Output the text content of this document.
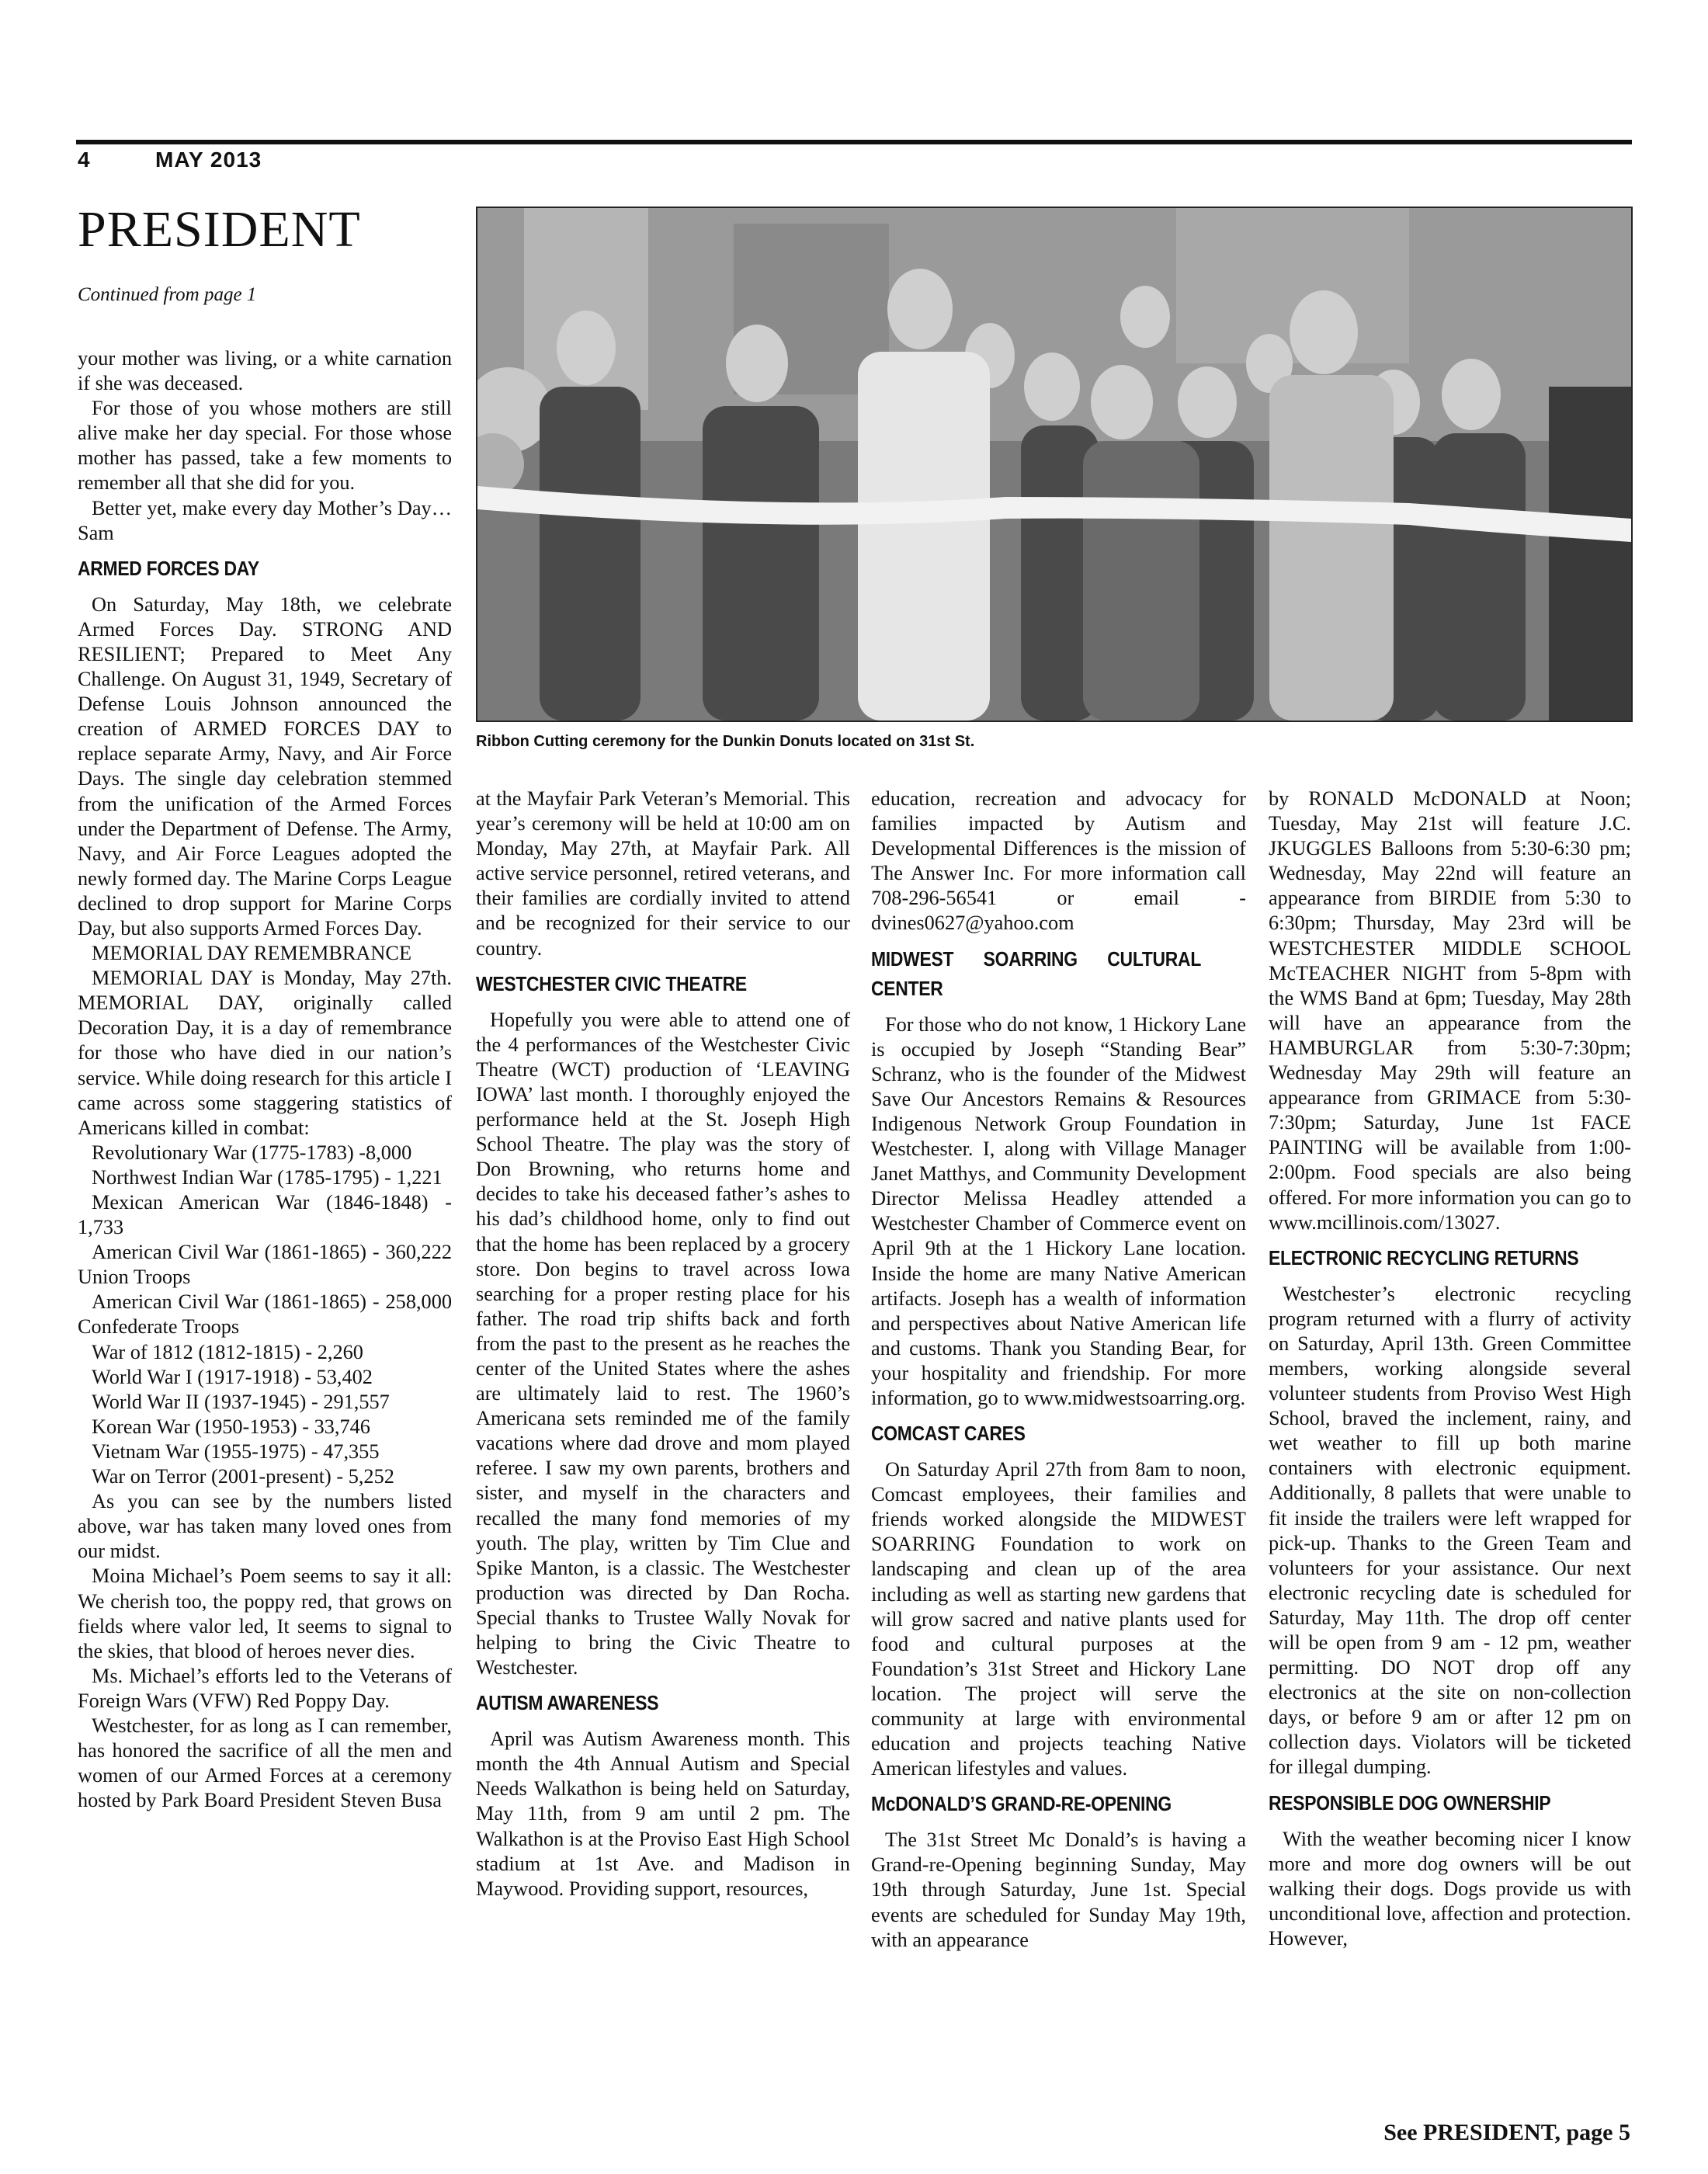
4	MAY 2013
PRESIDENT
Continued from page 1
Ribbon Cutting ceremony for the Dunkin Donuts located on 31st St.

your mother was living, or a white carnation if she was deceased.

For those of you whose mothers are still alive make her day special. For those whose mother has passed, take a few moments to remember all that she did for you.

Better yet, make every day Mother’s Day…Sam

ARMED FORCES DAY

On Saturday, May 18th, we celebrate Armed Forces Day. STRONG AND RESILIENT; Prepared to Meet Any Challenge. On August 31, 1949, Secretary of Defense Louis Johnson announced the creation of ARMED FORCES DAY to replace separate Army, Navy, and Air Force Days. The single day celebration stemmed from the unification of the Armed Forces under the Department of Defense. The Army, Navy, and Air Force Leagues adopted the newly formed day. The Marine Corps League declined to drop support for Marine Corps Day, but also supports Armed Forces Day.

MEMORIAL DAY REMEMBRANCE

MEMORIAL DAY is Monday, May 27th. MEMORIAL DAY, originally called Decoration Day, it is a day of remembrance for those who have died in our nation’s service. While doing research for this article I came across some staggering statistics of Americans killed in combat:

Revolutionary War (1775-1783) -8,000

Northwest Indian War (1785-1795) - 1,221

Mexican American War (1846-1848) - 1,733

American Civil War (1861-1865) - 360,222 Union Troops

American Civil War (1861-1865) - 258,000 Confederate Troops

War of 1812 (1812-1815) - 2,260

World War I (1917-1918) - 53,402

World War II (1937-1945) - 291,557

Korean War (1950-1953) - 33,746

Vietnam War (1955-1975) - 47,355

War on Terror (2001-present) - 5,252

As you can see by the numbers listed above, war has taken many loved ones from our midst.

Moina Michael’s Poem seems to say it all: We cherish too, the poppy red, that grows on fields where valor led, It seems to signal to the skies, that blood of heroes never dies.

Ms. Michael’s efforts led to the Veterans of Foreign Wars (VFW) Red Poppy Day.

Westchester, for as long as I can remember, has honored the sacrifice of all the men and women of our Armed Forces at a ceremony hosted by Park Board President Steven Busa

at the Mayfair Park Veteran’s Memorial. This year’s ceremony will be held at 10:00 am on Monday, May 27th, at Mayfair Park. All active service personnel, retired veterans, and their families are cordially invited to attend and be recognized for their service to our country.

WESTCHESTER CIVIC THEATRE

Hopefully you were able to attend one of the 4 performances of the Westchester Civic Theatre (WCT) production of ‘LEAVING IOWA’ last month. I thoroughly enjoyed the performance held at the St. Joseph High School Theatre. The play was the story of Don Browning, who returns home and decides to take his deceased father’s ashes to his dad’s childhood home, only to find out that the home has been replaced by a grocery store. Don begins to travel across Iowa searching for a proper resting place for his father. The road trip shifts back and forth from the past to the present as he reaches the center of the United States where the ashes are ultimately laid to rest. The 1960’s Americana sets reminded me of the family vacations where dad drove and mom played referee. I saw my own parents, brothers and sister, and myself in the characters and recalled the many fond memories of my youth. The play, written by Tim Clue and Spike Manton, is a classic. The Westchester production was directed by Dan Rocha. Special thanks to Trustee Wally Novak for helping to bring the Civic Theatre to Westchester.

AUTISM AWARENESS

April was Autism Awareness month. This month the 4th Annual Autism and Special Needs Walkathon is being held on Saturday, May 11th, from 9 am until 2 pm. The Walkathon is at the Proviso East High School stadium at 1st Ave. and Madison in Maywood. Providing support, resources,

education, recreation and advocacy for families impacted by Autism and Developmental Differences is the mission of The Answer Inc. For more information call 708-296-56541 or email - dvines0627@yahoo.com

MIDWEST SOARRING CULTURAL CENTER

For those who do not know, 1 Hickory Lane is occupied by Joseph “Standing Bear” Schranz, who is the founder of the Midwest Save Our Ancestors Remains & Resources Indigenous Network Group Foundation in Westchester. I, along with Village Manager Janet Matthys, and Community Development Director Melissa Headley attended a Westchester Chamber of Commerce event on April 9th at the 1 Hickory Lane location. Inside the home are many Native American artifacts. Joseph has a wealth of information and perspectives about Native American life and customs. Thank you Standing Bear, for your hospitality and friendship. For more information, go to www.midwestsoarring.org.

COMCAST CARES

On Saturday April 27th from 8am to noon, Comcast employees, their families and friends worked alongside the MIDWEST SOARRING Foundation to work on landscaping and clean up of the area including as well as starting new gardens that will grow sacred and native plants used for food and cultural purposes at the Foundation’s 31st Street and Hickory Lane location. The project will serve the community at large with environmental education and projects teaching Native American lifestyles and values.

McDONALD’S GRAND-RE-OPENING

The 31st Street Mc Donald’s is having a Grand-re-Opening beginning Sunday, May 19th through Saturday, June 1st. Special events are scheduled for Sunday May 19th, with an appearance

by RONALD McDONALD at Noon; Tuesday, May 21st will feature J.C. JKUGGLES Balloons from 5:30-6:30 pm; Wednesday, May 22nd will feature an appearance from BIRDIE from 5:30 to 6:30pm; Thursday, May 23rd will be WESTCHESTER MIDDLE SCHOOL McTEACHER NIGHT from 5-8pm with the WMS Band at 6pm; Tuesday, May 28th will have an appearance from the HAMBURGLAR from 5:30-7:30pm; Wednesday May 29th will feature an appearance from GRIMACE from 5:30-7:30pm; Saturday, June 1st FACE PAINTING will be available from 1:00-2:00pm. Food specials are also being offered. For more information you can go to www.mcillinois.com/13027.

ELECTRONIC RECYCLING RETURNS

Westchester’s electronic recycling program returned with a flurry of activity on Saturday, April 13th. Green Committee members, working alongside several volunteer students from Proviso West High School, braved the inclement, rainy, and wet weather to fill up both marine containers with electronic equipment. Additionally, 8 pallets that were unable to fit inside the trailers were left wrapped for pick-up. Thanks to the Green Team and volunteers for your assistance. Our next electronic recycling date is scheduled for Saturday, May 11th. The drop off center will be open from 9 am - 12 pm, weather permitting. DO NOT drop off any electronics at the site on non-collection days, or before 9 am or after 12 pm on collection days. Violators will be ticketed for illegal dumping.

RESPONSIBLE DOG OWNERSHIP

With the weather becoming nicer I know more and more dog owners will be out walking their dogs. Dogs provide us with unconditional love, affection and protection. However,

See PRESIDENT, page 5
